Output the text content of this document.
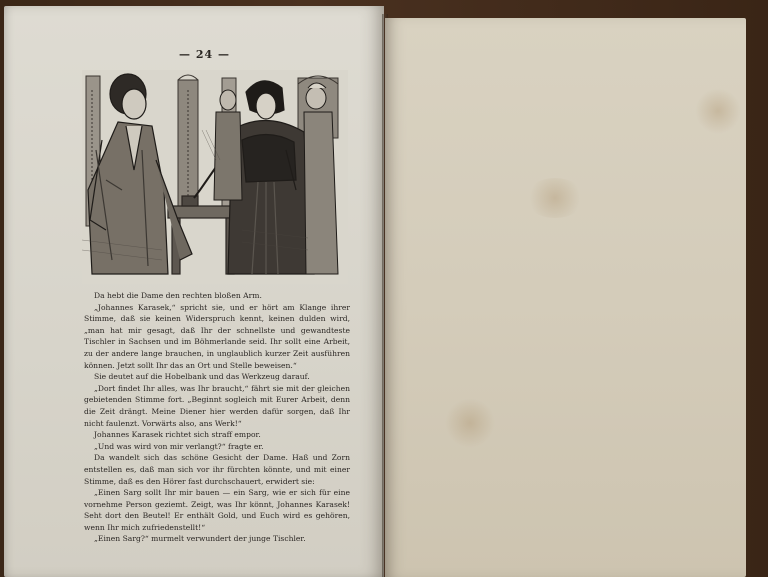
— 24 —

Da hebt die Dame den rechten bloßen Arm.

„Johannes Karasek,“ spricht sie, und er hört am Klange ihrer Stimme, daß sie keinen Widerspruch kennt, keinen dulden wird, „man hat mir gesagt, daß Ihr der schnellste und gewandteste Tischler in Sachsen und im Böhmerlande seid. Ihr sollt eine Arbeit, zu der andere lange brauchen, in unglaublich kurzer Zeit ausführen können. Jetzt sollt Ihr das an Ort und Stelle beweisen.“

Sie deutet auf die Hobelbank und das Werkzeug darauf.

„Dort findet Ihr alles, was Ihr braucht,“ fährt sie mit der gleichen gebietenden Stimme fort. „Beginnt sogleich mit Eurer Arbeit, denn die Zeit drängt. Meine Diener hier werden dafür sorgen, daß Ihr nicht faulenzt. Vorwärts also, ans Werk!“

Johannes Karasek richtet sich straff empor.

„Und was wird von mir verlangt?“ fragte er.

Da wandelt sich das schöne Gesicht der Dame. Haß und Zorn entstellen es, daß man sich vor ihr fürchten könnte, und mit einer Stimme, daß es den Hörer fast durchschauert, erwidert sie:

„Einen Sarg sollt Ihr mir bauen — ein Sarg, wie er sich für eine vornehme Person geziemt. Zeigt, was Ihr könnt, Johannes Karasek! Seht dort den Beutel! Er enthält Gold, und Euch wird es gehören, wenn Ihr mich zufriedenstellt!“

„Einen Sarg?“ murmelt verwundert der junge Tischler.
